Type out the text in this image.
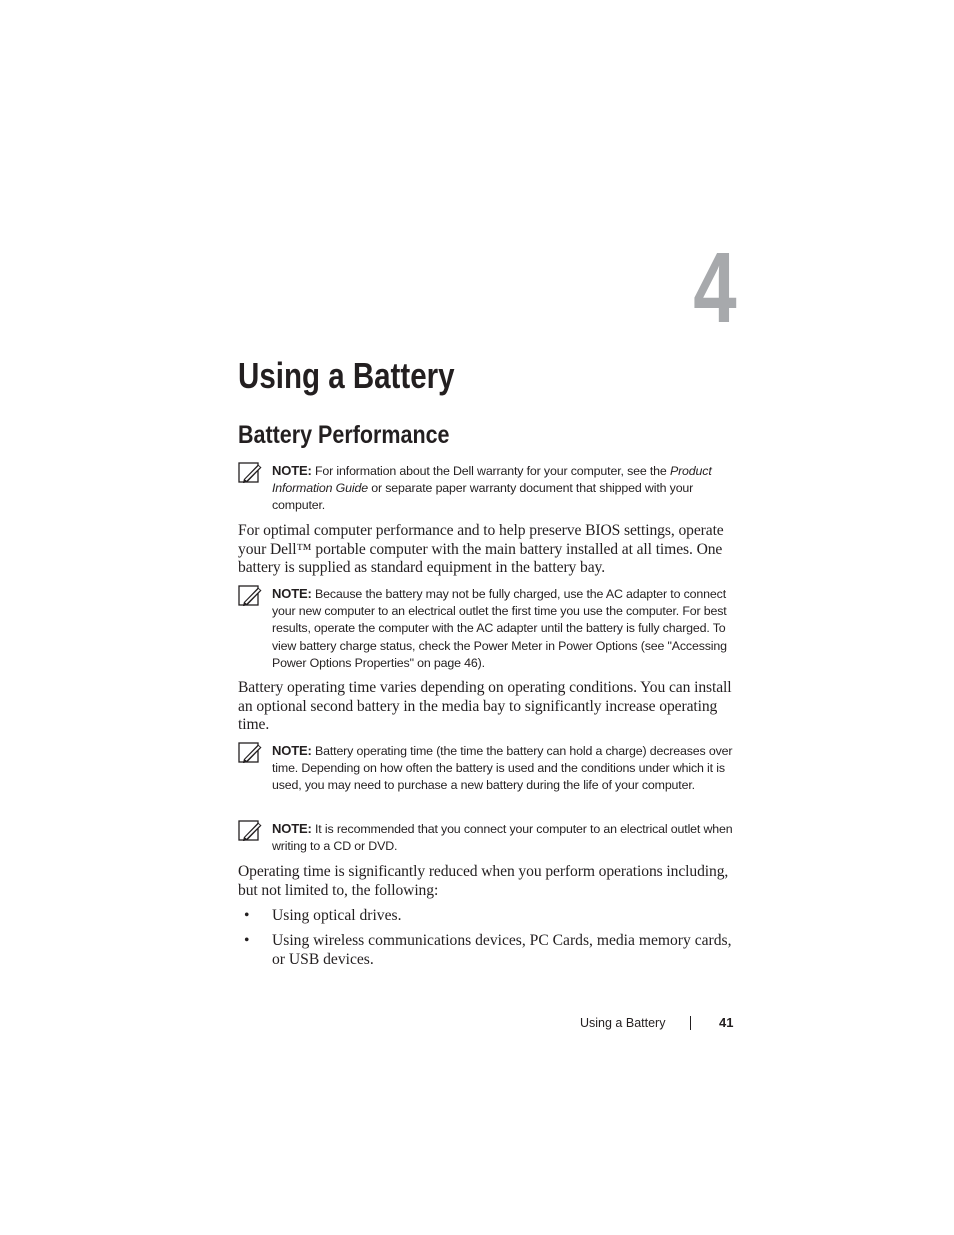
4
Using a Battery
Battery Performance
NOTE: For information about the Dell warranty for your computer, see the Product Information Guide or separate paper warranty document that shipped with your computer.

For optimal computer performance and to help preserve BIOS settings, operate your Dell™ portable computer with the main battery installed at all times. One battery is supplied as standard equipment in the battery bay.

NOTE: Because the battery may not be fully charged, use the AC adapter to connect your new computer to an electrical outlet the first time you use the computer. For best results, operate the computer with the AC adapter until the battery is fully charged. To view battery charge status, check the Power Meter in Power Options (see "Accessing Power Options Properties" on page 46).

Battery operating time varies depending on operating conditions. You can install an optional second battery in the media bay to significantly increase operating time.

NOTE: Battery operating time (the time the battery can hold a charge) decreases over time. Depending on how often the battery is used and the conditions under which it is used, you may need to purchase a new battery during the life of your computer.
NOTE: It is recommended that you connect your computer to an electrical outlet when writing to a CD or DVD.

Operating time is significantly reduced when you perform operations including, but not limited to, the following:

• Using optical drives.
• Using wireless communications devices, PC Cards, media memory cards, or USB devices.
Using a Battery	41
